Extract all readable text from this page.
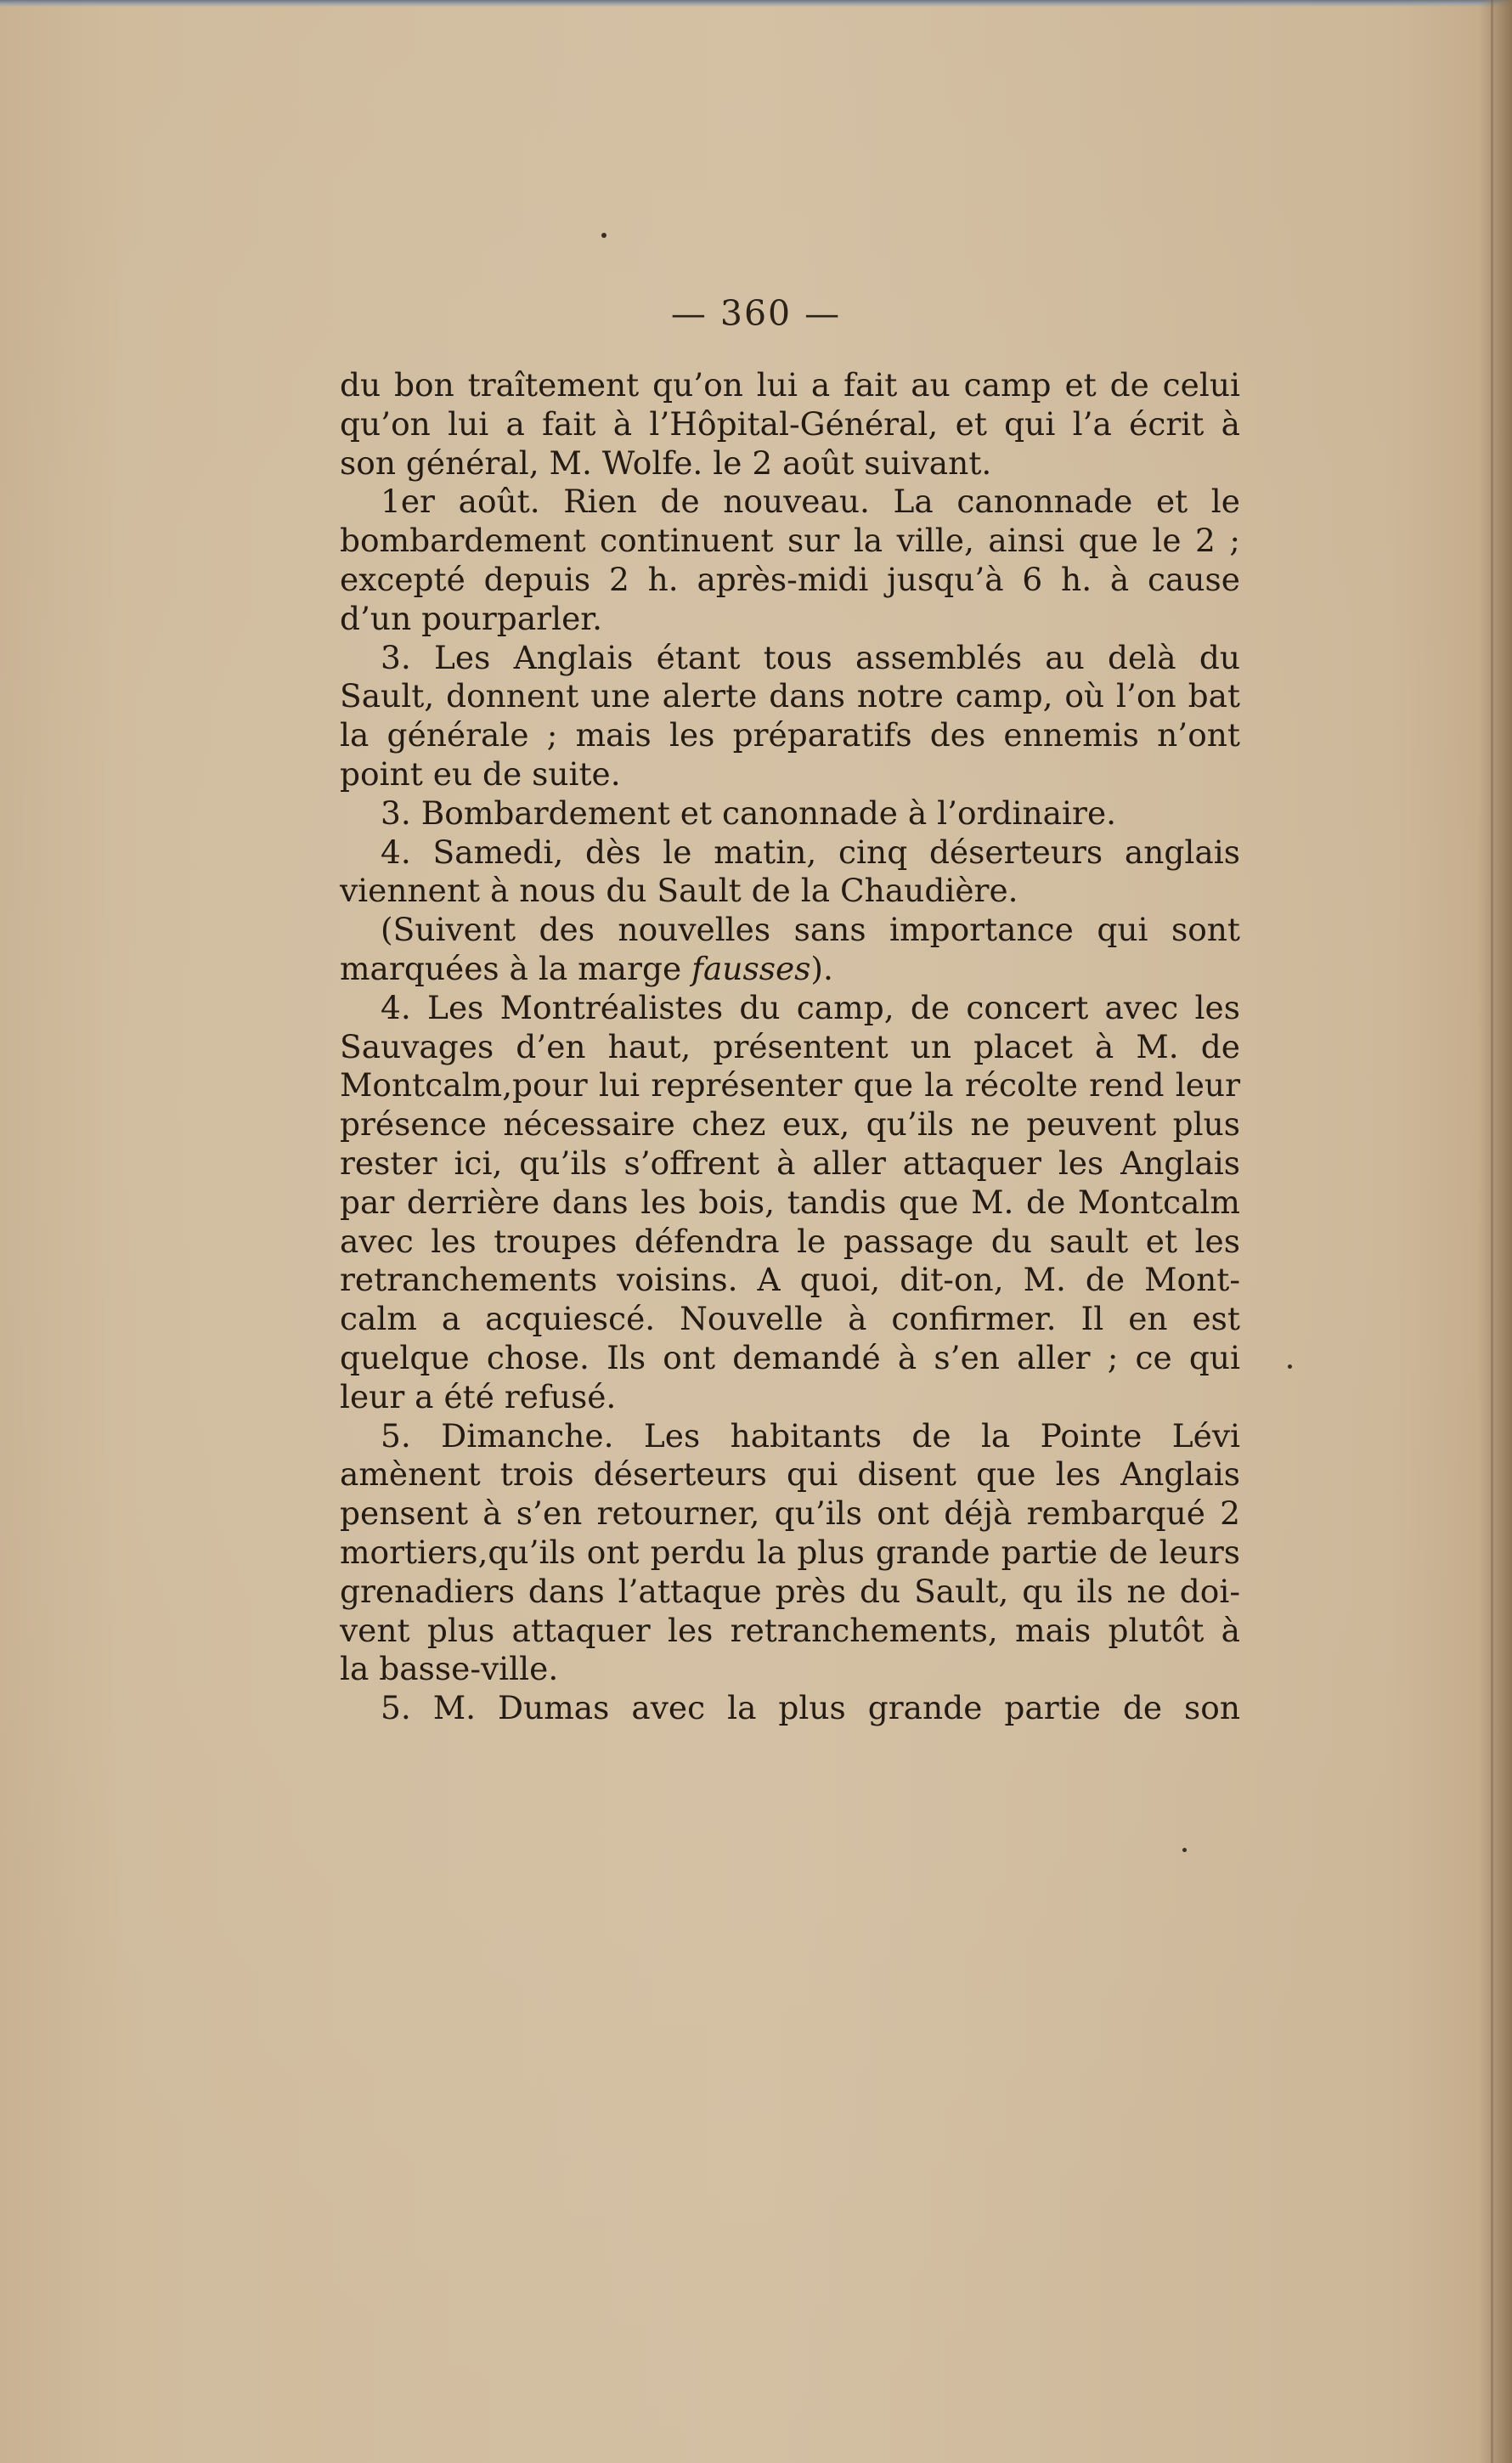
— 360 —
du bon traîtement qu’on lui a fait au camp et de celui
qu’on lui a fait à l’Hôpital-Général, et qui l’a écrit à
son général, M. Wolfe. le 2 août suivant.
1er août. Rien de nouveau. La canonnade et le
bombardement continuent sur la ville, ainsi que le 2 ;
excepté depuis 2 h. après-midi jusqu’à 6 h. à cause
d’un pourparler.
3. Les Anglais étant tous assemblés au delà du
Sault, donnent une alerte dans notre camp, où l’on bat
la générale ; mais les préparatifs des ennemis n’ont
point eu de suite.
3. Bombardement et canonnade à l’ordinaire.
4. Samedi, dès le matin, cinq déserteurs anglais
viennent à nous du Sault de la Chaudière.
(Suivent des nouvelles sans importance qui sont
marquées à la marge fausses).
4. Les Montréalistes du camp, de concert avec les
Sauvages d’en haut, présentent un placet à M. de
Montcalm,pour lui représenter que la récolte rend leur
présence nécessaire chez eux, qu’ils ne peuvent plus
rester ici, qu’ils s’offrent à aller attaquer les Anglais
par derrière dans les bois, tandis que M. de Montcalm
avec les troupes défendra le passage du sault et les
retranchements voisins. A quoi, dit-on, M. de Mont-
calm a acquiescé. Nouvelle à confirmer. Il en est
quelque chose. Ils ont demandé à s’en aller ; ce qui
leur a été refusé.
5. Dimanche. Les habitants de la Pointe Lévi
amènent trois déserteurs qui disent que les Anglais
pensent à s’en retourner, qu’ils ont déjà rembarqué 2
mortiers,qu’ils ont perdu la plus grande partie de leurs
grenadiers dans l’attaque près du Sault, qu ils ne doi-
vent plus attaquer les retranchements, mais plutôt à
la basse-ville.
5. M. Dumas avec la plus grande partie de son
